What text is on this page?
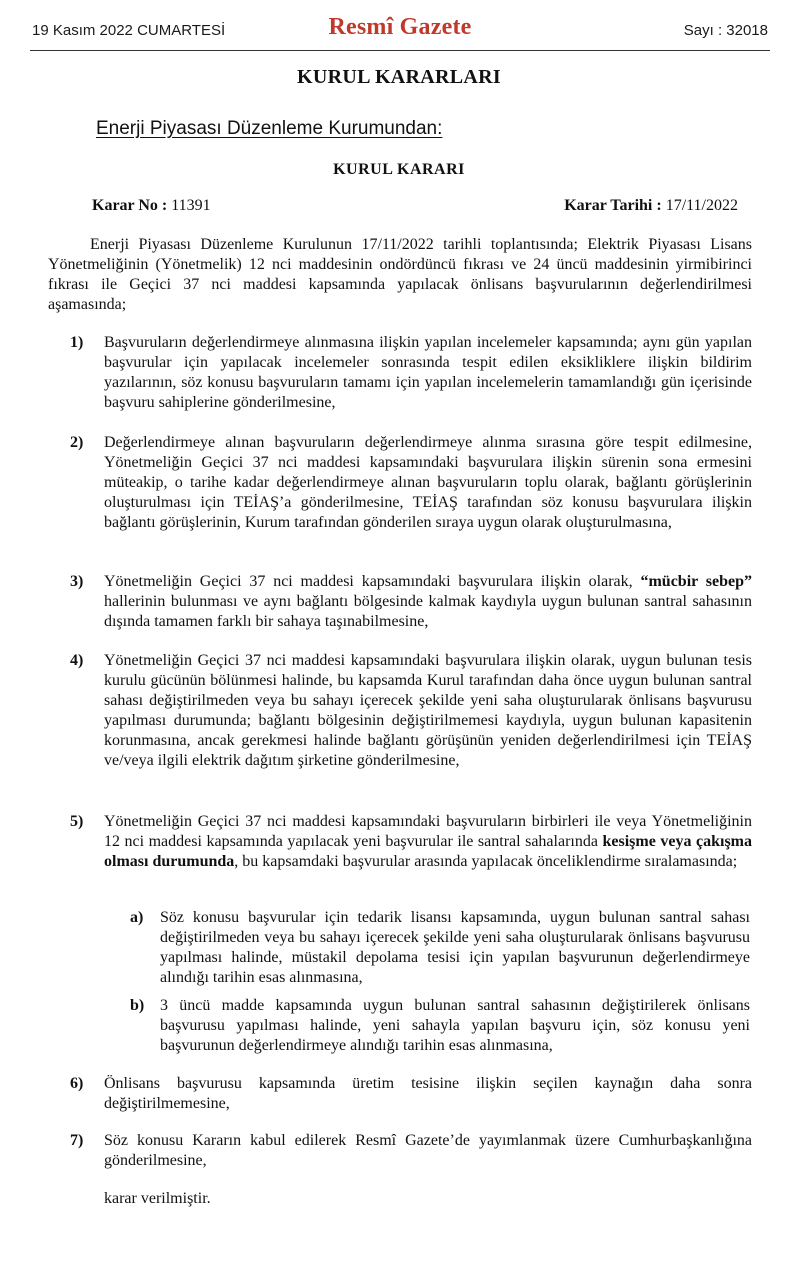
19 Kasım 2022 CUMARTESİ	Resmî Gazete	Sayı : 32018
KURUL KARARLARI
Enerji Piyasası Düzenleme Kurumundan:
KURUL KARARI
Karar No : 11391	Karar Tarihi : 17/11/2022

Enerji Piyasası Düzenleme Kurulunun 17/11/2022 tarihli toplantısında; Elektrik Piyasası Lisans Yönetmeliğinin (Yönetmelik) 12 nci maddesinin ondördüncü fıkrası ve 24 üncü maddesinin yirmibirinci fıkrası ile Geçici 37 nci maddesi kapsamında yapılacak önlisans başvurularının değerlendirilmesi aşamasında;

1) Başvuruların değerlendirmeye alınmasına ilişkin yapılan incelemeler kapsamında; aynı gün yapılan başvurular için yapılacak incelemeler sonrasında tespit edilen eksikliklere ilişkin bildirim yazılarının, söz konusu başvuruların tamamı için yapılan incelemelerin tamamlandığı gün içerisinde başvuru sahiplerine gönderilmesine,
2) Değerlendirmeye alınan başvuruların değerlendirmeye alınma sırasına göre tespit edilmesine, Yönetmeliğin Geçici 37 nci maddesi kapsamındaki başvurulara ilişkin sürenin sona ermesini müteakip, o tarihe kadar değerlendirmeye alınan başvuruların toplu olarak, bağlantı görüşlerinin oluşturulması için TEİAŞ’a gönderilmesine, TEİAŞ tarafından söz konusu başvurulara ilişkin bağlantı görüşlerinin, Kurum tarafından gönderilen sıraya uygun olarak oluşturulmasına,
3) Yönetmeliğin Geçici 37 nci maddesi kapsamındaki başvurulara ilişkin olarak, “mücbir sebep” hallerinin bulunması ve aynı bağlantı bölgesinde kalmak kaydıyla uygun bulunan santral sahasının dışında tamamen farklı bir sahaya taşınabilmesine,
4) Yönetmeliğin Geçici 37 nci maddesi kapsamındaki başvurulara ilişkin olarak, uygun bulunan tesis kurulu gücünün bölünmesi halinde, bu kapsamda Kurul tarafından daha önce uygun bulunan santral sahası değiştirilmeden veya bu sahayı içerecek şekilde yeni saha oluşturularak önlisans başvurusu yapılması durumunda; bağlantı bölgesinin değiştirilmemesi kaydıyla, uygun bulunan kapasitenin korunmasına, ancak gerekmesi halinde bağlantı görüşünün yeniden değerlendirilmesi için TEİAŞ ve/veya ilgili elektrik dağıtım şirketine gönderilmesine,
5) Yönetmeliğin Geçici 37 nci maddesi kapsamındaki başvuruların birbirleri ile veya Yönetmeliğinin 12 nci maddesi kapsamında yapılacak yeni başvurular ile santral sahalarında kesişme veya çakışma olması durumunda, bu kapsamdaki başvurular arasında yapılacak önceliklendirme sıralamasında;
a) Söz konusu başvurular için tedarik lisansı kapsamında, uygun bulunan santral sahası değiştirilmeden veya bu sahayı içerecek şekilde yeni saha oluşturularak önlisans başvurusu yapılması halinde, müstakil depolama tesisi için yapılan başvurunun değerlendirmeye alındığı tarihin esas alınmasına,
b) 3 üncü madde kapsamında uygun bulunan santral sahasının değiştirilerek önlisans başvurusu yapılması halinde, yeni sahayla yapılan başvuru için, söz konusu yeni başvurunun değerlendirmeye alındığı tarihin esas alınmasına,
6) Önlisans başvurusu kapsamında üretim tesisine ilişkin seçilen kaynağın daha sonra değiştirilmemesine,
7) Söz konusu Kararın kabul edilerek Resmî Gazete’de yayımlanmak üzere Cumhurbaşkanlığına gönderilmesine,
karar verilmiştir.
